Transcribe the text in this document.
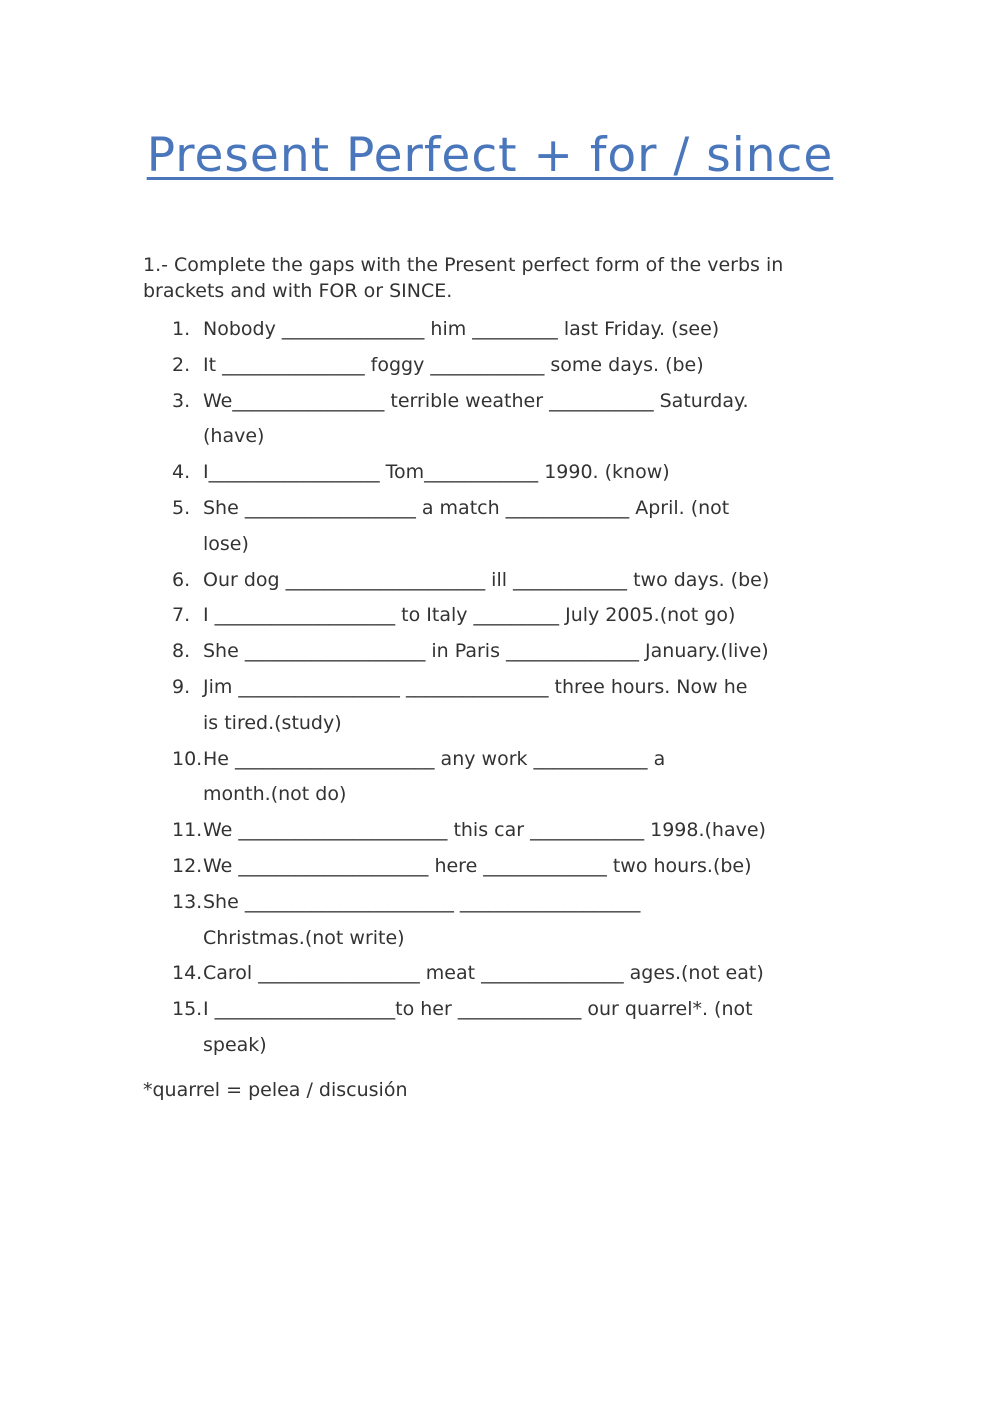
Present Perfect + for / since
1.- Complete the gaps with the Present perfect form of the verbs in brackets and with FOR or SINCE.
1. Nobody _______________ him _________ last Friday. (see)
2. It _______________ foggy ____________ some days. (be)
3. We________________ terrible weather ___________ Saturday.
(have)
4. I__________________ Tom____________ 1990. (know)
5. She __________________ a match _____________ April. (not
lose)
6. Our dog _____________________ ill ____________ two days. (be)
7. I ___________________ to Italy _________ July 2005.(not go)
8. She ___________________ in Paris ______________ January.(live)
9. Jim _________________ _______________ three hours. Now he
is tired.(study)
10. He _____________________ any work ____________ a
month.(not do)
11. We ______________________ this car ____________ 1998.(have)
12. We ____________________ here _____________ two hours.(be)
13. She ______________________ ___________________
Christmas.(not write)
14. Carol _________________ meat _______________ ages.(not eat)
15. I ___________________to her _____________ our quarrel*. (not
speak)
*quarrel = pelea / discusión
